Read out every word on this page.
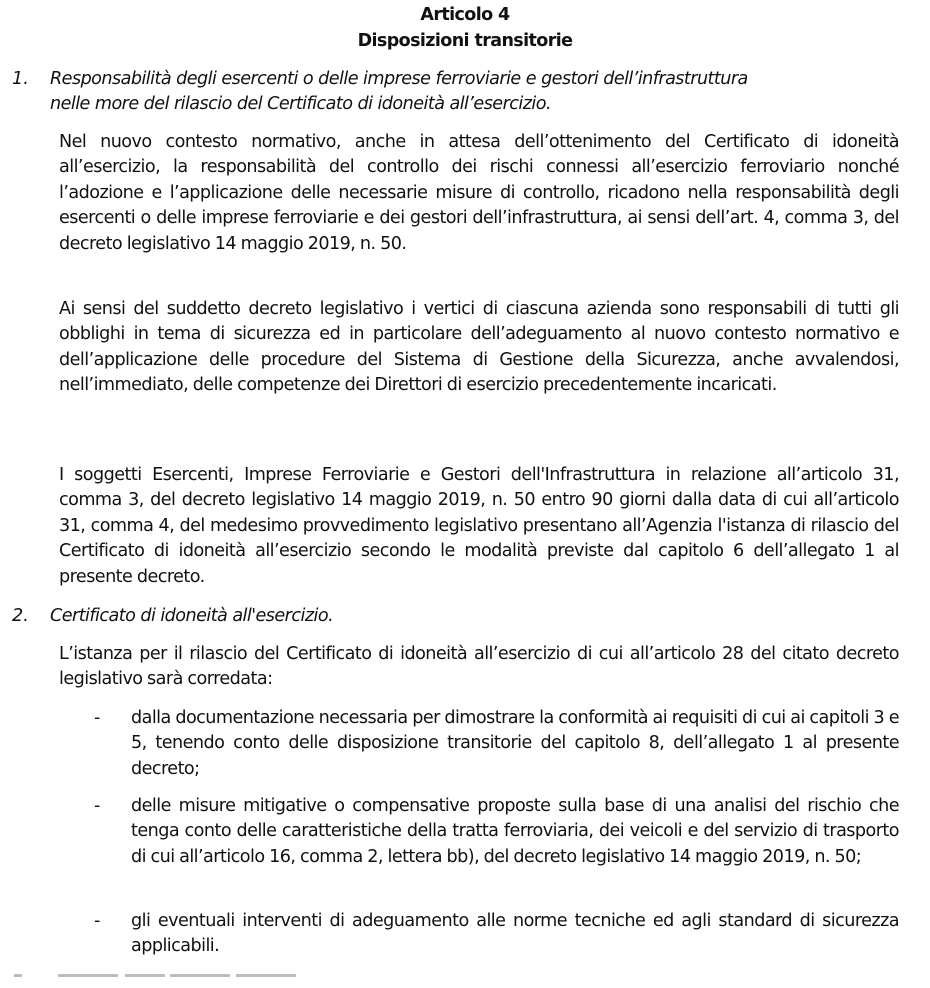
Articolo 4
Disposizioni transitorie
1. Responsabilità degli esercenti o delle imprese ferroviarie e gestori dell’infrastruttura
nelle more del rilascio del Certificato di idoneità all’esercizio.
Nel nuovo contesto normativo, anche in attesa dell’ottenimento del Certificato di idoneità all’esercizio, la responsabilità del controllo dei rischi connessi all’esercizio ferroviario nonché l’adozione e l’applicazione delle necessarie misure di controllo, ricadono nella responsabilità degli esercenti o delle imprese ferroviarie e dei gestori dell’infrastruttura, ai sensi dell’art. 4, comma 3, del decreto legislativo 14 maggio 2019, n. 50.
Ai sensi del suddetto decreto legislativo i vertici di ciascuna azienda sono responsabili di tutti gli obblighi in tema di sicurezza ed in particolare dell’adeguamento al nuovo contesto normativo e dell’applicazione delle procedure del Sistema di Gestione della Sicurezza, anche avvalendosi, nell’immediato, delle competenze dei Direttori di esercizio precedentemente incaricati.
I soggetti Esercenti, Imprese Ferroviarie e Gestori dell'Infrastruttura in relazione all’articolo 31, comma 3, del decreto legislativo 14 maggio 2019, n. 50 entro 90 giorni dalla data di cui all’articolo 31, comma 4, del medesimo provvedimento legislativo presentano all’Agenzia l'istanza di rilascio del Certificato di idoneità all’esercizio secondo le modalità previste dal capitolo 6 dell’allegato 1 al presente decreto.
2. Certificato di idoneità all'esercizio.
L’istanza per il rilascio del Certificato di idoneità all’esercizio di cui all’articolo 28 del citato decreto legislativo sarà corredata:
- dalla documentazione necessaria per dimostrare la conformità ai requisiti di cui ai capitoli 3 e 5, tenendo conto delle disposizione transitorie del capitolo 8, dell’allegato 1 al presente decreto;
- delle misure mitigative o compensative proposte sulla base di una analisi del rischio che tenga conto delle caratteristiche della tratta ferroviaria, dei veicoli e del servizio di trasporto di cui all’articolo 16, comma 2, lettera bb), del decreto legislativo 14 maggio 2019, n. 50;
- gli eventuali interventi di adeguamento alle norme tecniche ed agli standard di sicurezza applicabili.
